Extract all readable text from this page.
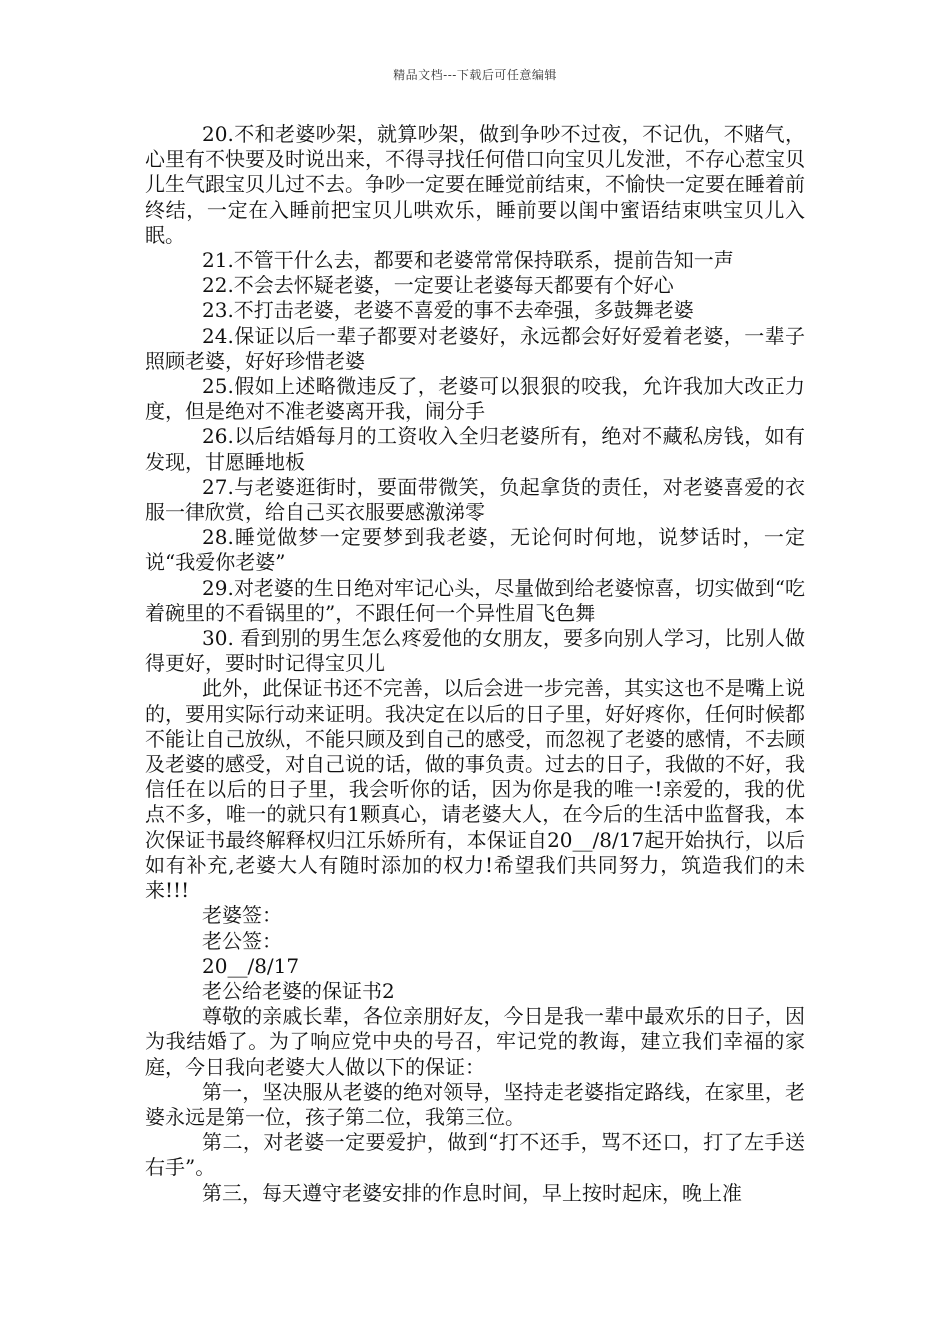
精品文档---下载后可任意编辑

20.不和老婆吵架，就算吵架，做到争吵不过夜，不记仇，不赌气，心里有不快要及时说出来，不得寻找任何借口向宝贝儿发泄，不存心惹宝贝儿生气跟宝贝儿过不去。争吵一定要在睡觉前结束，不愉快一定要在睡着前终结，一定在入睡前把宝贝儿哄欢乐，睡前要以闺中蜜语结束哄宝贝儿入眠。

21.不管干什么去，都要和老婆常常保持联系，提前告知一声

22.不会去怀疑老婆，一定要让老婆每天都要有个好心

23.不打击老婆，老婆不喜爱的事不去牵强，多鼓舞老婆

24.保证以后一辈子都要对老婆好，永远都会好好爱着老婆，一辈子照顾老婆，好好珍惜老婆

25.假如上述略微违反了，老婆可以狠狠的咬我，允许我加大改正力度，但是绝对不准老婆离开我，闹分手

26.以后结婚每月的工资收入全归老婆所有，绝对不藏私房钱，如有发现，甘愿睡地板

27.与老婆逛街时，要面带微笑，负起拿货的责任，对老婆喜爱的衣服一律欣赏，给自己买衣服要感激涕零

28.睡觉做梦一定要梦到我老婆，无论何时何地，说梦话时，一定说“我爱你老婆”

29.对老婆的生日绝对牢记心头，尽量做到给老婆惊喜，切实做到“吃着碗里的不看锅里的”，不跟任何一个异性眉飞色舞

30. 看到别的男生怎么疼爱他的女朋友，要多向别人学习，比别人做得更好，要时时记得宝贝儿

此外，此保证书还不完善，以后会进一步完善，其实这也不是嘴上说的，要用实际行动来证明。我决定在以后的日子里，好好疼你，任何时候都不能让自己放纵，不能只顾及到自己的感受，而忽视了老婆的感情，不去顾及老婆的感受，对自己说的话，做的事负责。过去的日子，我做的不好，我信任在以后的日子里，我会听你的话，因为你是我的唯一!亲爱的，我的优点不多，唯一的就只有1颗真心，请老婆大人，在今后的生活中监督我，本次保证书最终解释权归江乐娇所有，本保证自20__/8/17起开始执行，以后如有补充,老婆大人有随时添加的权力!希望我们共同努力，筑造我们的未来!!!

老婆签：

老公签：

20__/8/17

老公给老婆的保证书2

尊敬的亲戚长辈，各位亲朋好友，今日是我一辈中最欢乐的日子，因为我结婚了。为了响应党中央的号召，牢记党的教诲，建立我们幸福的家庭，今日我向老婆大人做以下的保证：

第一，坚决服从老婆的绝对领导，坚持走老婆指定路线，在家里，老婆永远是第一位，孩子第二位，我第三位。

第二，对老婆一定要爱护，做到“打不还手，骂不还口，打了左手送右手”。

第三，每天遵守老婆安排的作息时间，早上按时起床，晚上准
